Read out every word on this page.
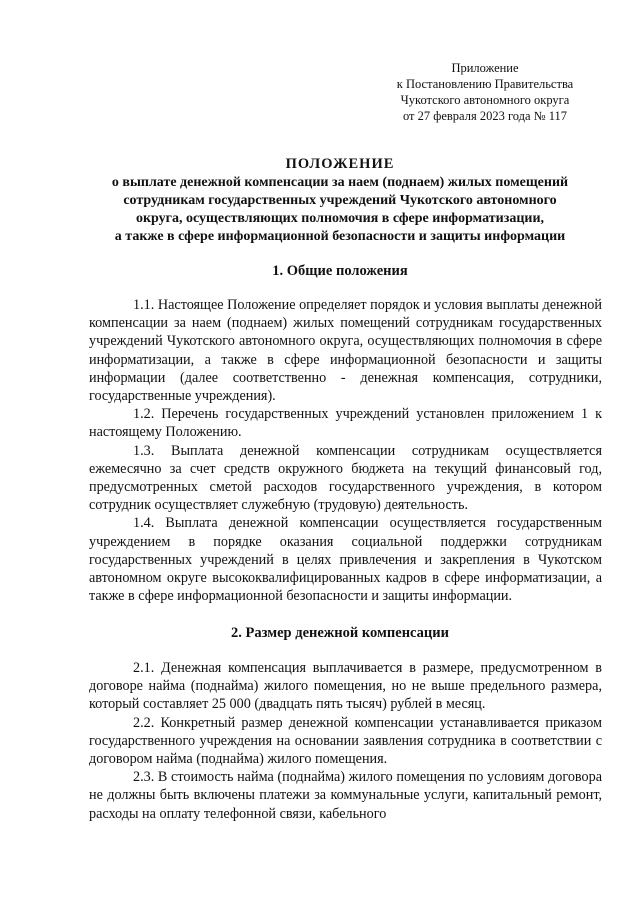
Приложение
к Постановлению Правительства
Чукотского автономного округа
от 27 февраля 2023 года № 117
ПОЛОЖЕНИЕ
о выплате денежной компенсации за наем (поднаем) жилых помещений
сотрудникам государственных учреждений Чукотского автономного
округа, осуществляющих полномочия в сфере информатизации,
а также в сфере информационной безопасности и защиты информации
1. Общие положения

1.1. Настоящее Положение определяет порядок и условия выплаты денежной компенсации за наем (поднаем) жилых помещений сотрудникам государственных учреждений Чукотского автономного округа, осуществляющих полномочия в сфере информатизации, а также в сфере информационной безопасности и защиты информации (далее соответственно - денежная компенсация, сотрудники, государственные учреждения).

1.2. Перечень государственных учреждений установлен приложением 1 к настоящему Положению.

1.3. Выплата денежной компенсации сотрудникам осуществляется ежемесячно за счет средств окружного бюджета на текущий финансовый год, предусмотренных сметой расходов государственного учреждения, в котором сотрудник осуществляет служебную (трудовую) деятельность.

1.4. Выплата денежной компенсации осуществляется государственным учреждением в порядке оказания социальной поддержки сотрудникам государственных учреждений в целях привлечения и закрепления в Чукотском автономном округе высококвалифицированных кадров в сфере информатизации, а также в сфере информационной безопасности и защиты информации.

2. Размер денежной компенсации

2.1. Денежная компенсация выплачивается в размере, предусмотренном в договоре найма (поднайма) жилого помещения, но не выше предельного размера, который составляет 25 000 (двадцать пять тысяч) рублей в месяц.

2.2. Конкретный размер денежной компенсации устанавливается приказом государственного учреждения на основании заявления сотрудника в соответствии с договором найма (поднайма) жилого помещения.

2.3. В стоимость найма (поднайма) жилого помещения по условиям договора не должны быть включены платежи за коммунальные услуги, капитальный ремонт, расходы на оплату телефонной связи, кабельного
